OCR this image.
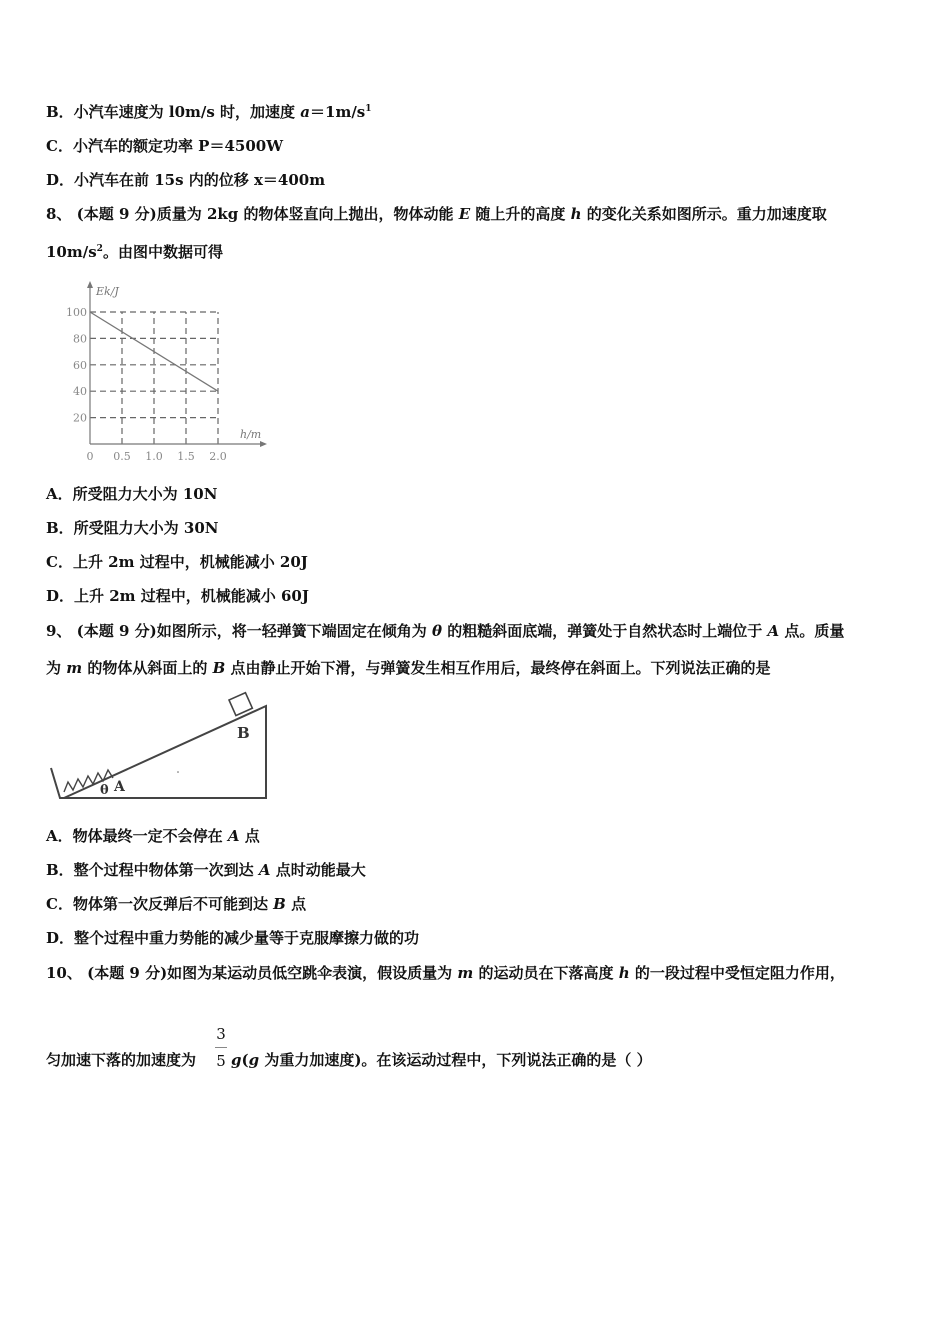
B．小汽车速度为 l0m/s 时，加速度 $a=1m/s^1$
C．小汽车的额定功率 P＝4500W
D．小汽车在前 15s 内的位移 x＝400m
8、 (本题 9 分)质量为 2kg 的物体竖直向上抛出，物体动能 E 随上升的高度 h 的变化关系如图所示。重力加速度取
$10m/s^2$。由图中数据可得
Ek/J
h/m
20
40
60
80
100
0 0.5 1.0 1.5 2.0
A．所受阻力大小为 10N
B．所受阻力大小为 30N
C．上升 2m 过程中，机械能减小 20J
D．上升 2m 过程中，机械能减小 60J
9、 (本题 9 分)如图所示，将一轻弹簧下端固定在倾角为 θ 的粗糙斜面底端，弹簧处于自然状态时上端位于 A 点。质量
为 m 的物体从斜面上的 B 点由静止开始下滑，与弹簧发生相互作用后，最终停在斜面上。下列说法正确的是
B
θ A
A．物体最终一定不会停在 A 点
B．整个过程中物体第一次到达 A 点时动能最大
C．物体第一次反弹后不可能到达 B 点
D．整个过程中重力势能的减少量等于克服摩擦力做的功
10、 (本题 9 分)如图为某运动员低空跳伞表演，假设质量为 m 的运动员在下落高度 h 的一段过程中受恒定阻力作用，
3
5
匀加速下落的加速度为 g(g 为重力加速度)。在该运动过程中，下列说法正确的是（ ）
